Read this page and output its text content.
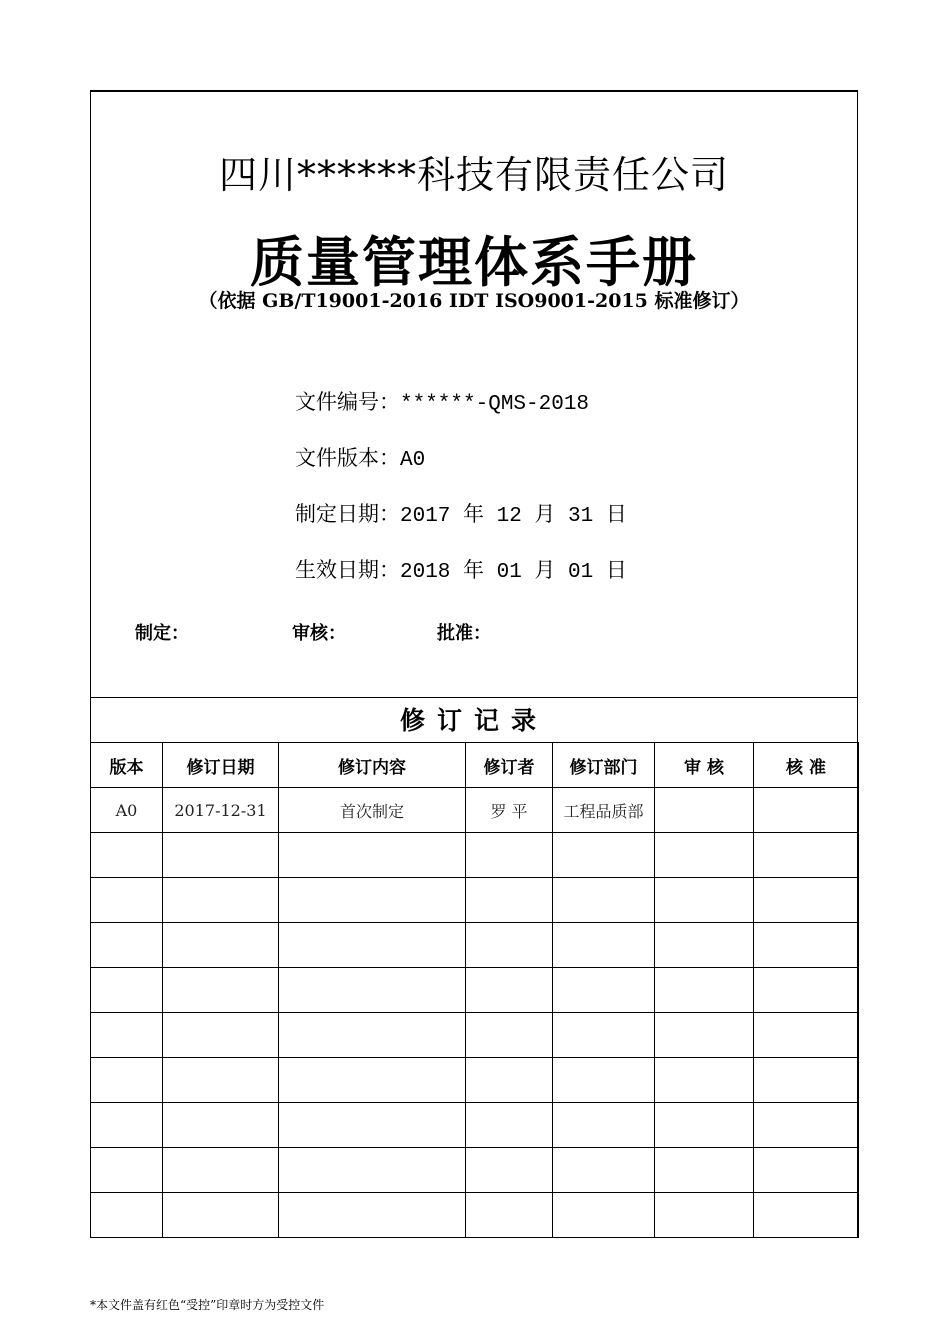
四川******科技有限责任公司
质量管理体系手册
（依据 GB/T19001-2016 IDT ISO9001-2015 标准修订）
文件编号：******-QMS-2018
文件版本：A0
制定日期：2017 年 12 月 31 日
生效日期：2018 年 01 月 01 日
制定：	审核：	批准：
修订记录
版本	修订日期	修订内容	修订者	修订部门	审 核	核 准
A0	2017-12-31	首次制定	罗 平	工程品质部		

*本文件盖有红色“受控”印章时方为受控文件
